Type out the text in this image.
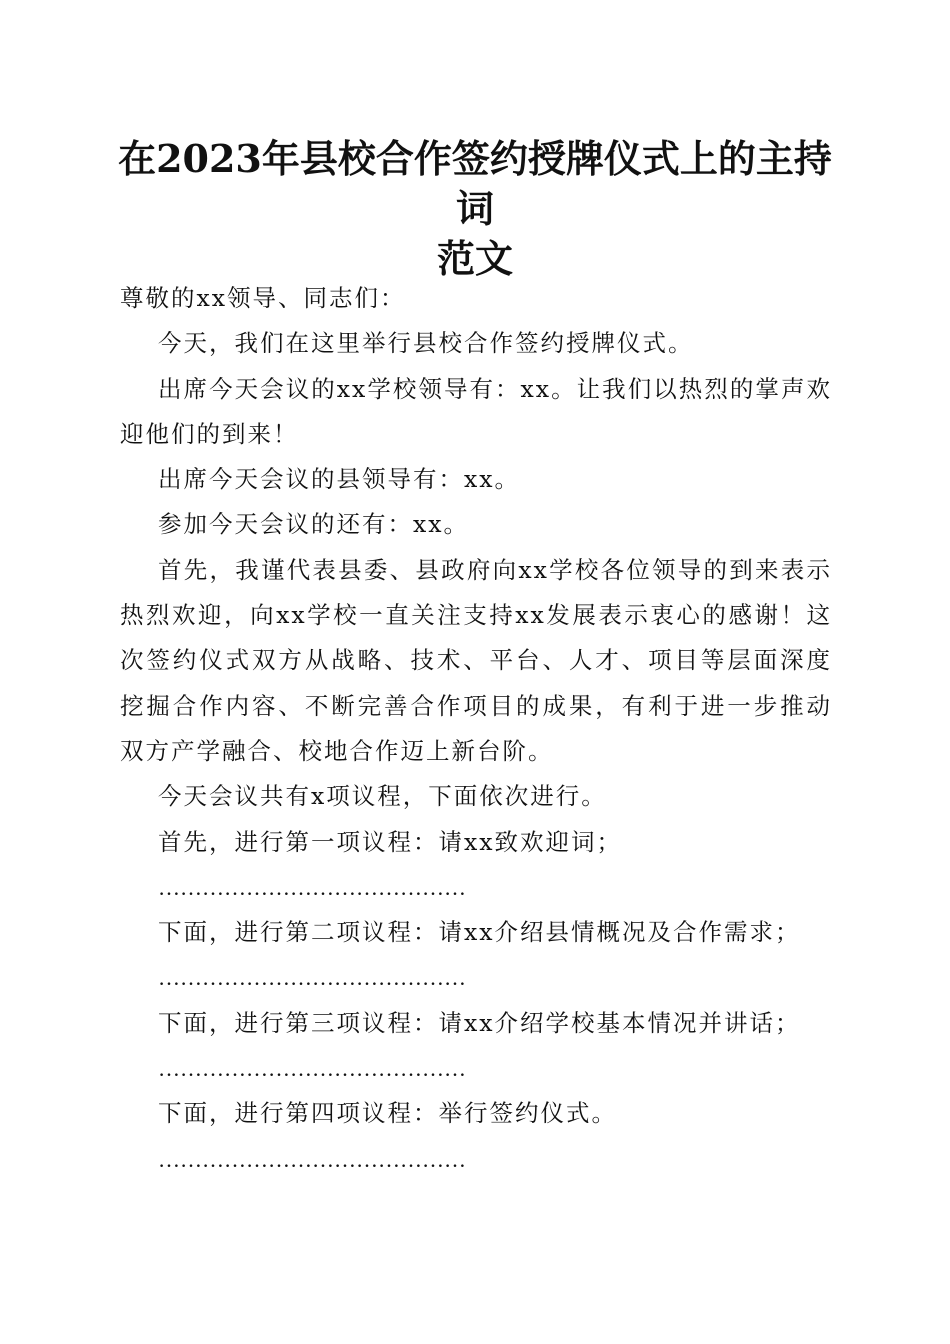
在2023年县校合作签约授牌仪式上的主持词
范文

尊敬的xx领导、同志们：

今天，我们在这里举行县校合作签约授牌仪式。

出席今天会议的xx学校领导有：xx。让我们以热烈的掌声欢迎他们的到来！

出席今天会议的县领导有：xx。

参加今天会议的还有：xx。

首先，我谨代表县委、县政府向xx学校各位领导的到来表示热烈欢迎，向xx学校一直关注支持xx发展表示衷心的感谢！这次签约仪式双方从战略、技术、平台、人才、项目等层面深度挖掘合作内容、不断完善合作项目的成果，有利于进一步推动双方产学融合、校地合作迈上新台阶。

今天会议共有x项议程，下面依次进行。

首先，进行第一项议程：请xx致欢迎词；

……………………………………

下面，进行第二项议程：请xx介绍县情概况及合作需求；

……………………………………

下面，进行第三项议程：请xx介绍学校基本情况并讲话；

……………………………………

下面，进行第四项议程：举行签约仪式。

……………………………………
